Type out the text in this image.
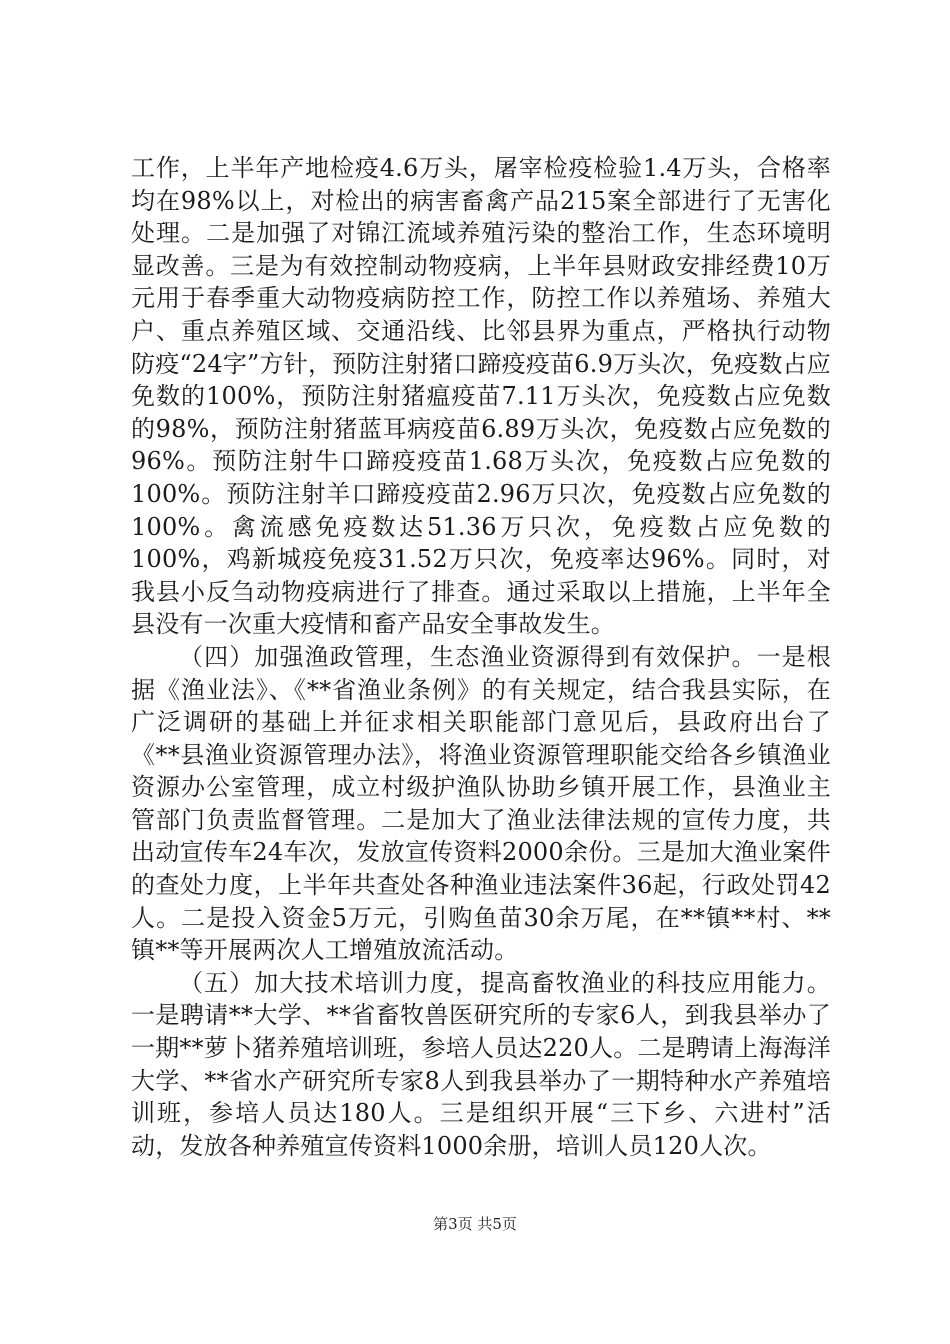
工作，上半年产地检疫4.6万头，屠宰检疫检验1.4万头，合格率均在98%以上，对检出的病害畜禽产品215案全部进行了无害化处理。二是加强了对锦江流域养殖污染的整治工作，生态环境明显改善。三是为有效控制动物疫病，上半年县财政安排经费10万元用于春季重大动物疫病防控工作，防控工作以养殖场、养殖大户、重点养殖区域、交通沿线、比邻县界为重点，严格执行动物防疫“24字”方针，预防注射猪口蹄疫疫苗6.9万头次，免疫数占应免数的100%，预防注射猪瘟疫苗7.11万头次，免疫数占应免数的98%，预防注射猪蓝耳病疫苗6.89万头次，免疫数占应免数的96%。预防注射牛口蹄疫疫苗1.68万头次，免疫数占应免数的100%。预防注射羊口蹄疫疫苗2.96万只次，免疫数占应免数的100%。禽流感免疫数达51.36万只次，免疫数占应免数的100%，鸡新城疫免疫31.52万只次，免疫率达96%。同时，对我县小反刍动物疫病进行了排查。通过采取以上措施，上半年全县没有一次重大疫情和畜产品安全事故发生。

（四）加强渔政管理，生态渔业资源得到有效保护。一是根据《渔业法》、《**省渔业条例》的有关规定，结合我县实际，在广泛调研的基础上并征求相关职能部门意见后，县政府出台了《**县渔业资源管理办法》，将渔业资源管理职能交给各乡镇渔业资源办公室管理，成立村级护渔队协助乡镇开展工作，县渔业主管部门负责监督管理。二是加大了渔业法律法规的宣传力度，共出动宣传车24车次，发放宣传资料2000余份。三是加大渔业案件的查处力度，上半年共查处各种渔业违法案件36起，行政处罚42人。二是投入资金5万元，引购鱼苗30余万尾，在**镇**村、**镇**等开展两次人工增殖放流活动。

（五）加大技术培训力度，提高畜牧渔业的科技应用能力。一是聘请**大学、**省畜牧兽医研究所的专家6人，到我县举办了一期**萝卜猪养殖培训班，参培人员达220人。二是聘请上海海洋大学、**省水产研究所专家8人到我县举办了一期特种水产养殖培训班，参培人员达180人。三是组织开展“三下乡、六进村”活动，发放各种养殖宣传资料1000余册，培训人员120人次。

第3页 共5页
